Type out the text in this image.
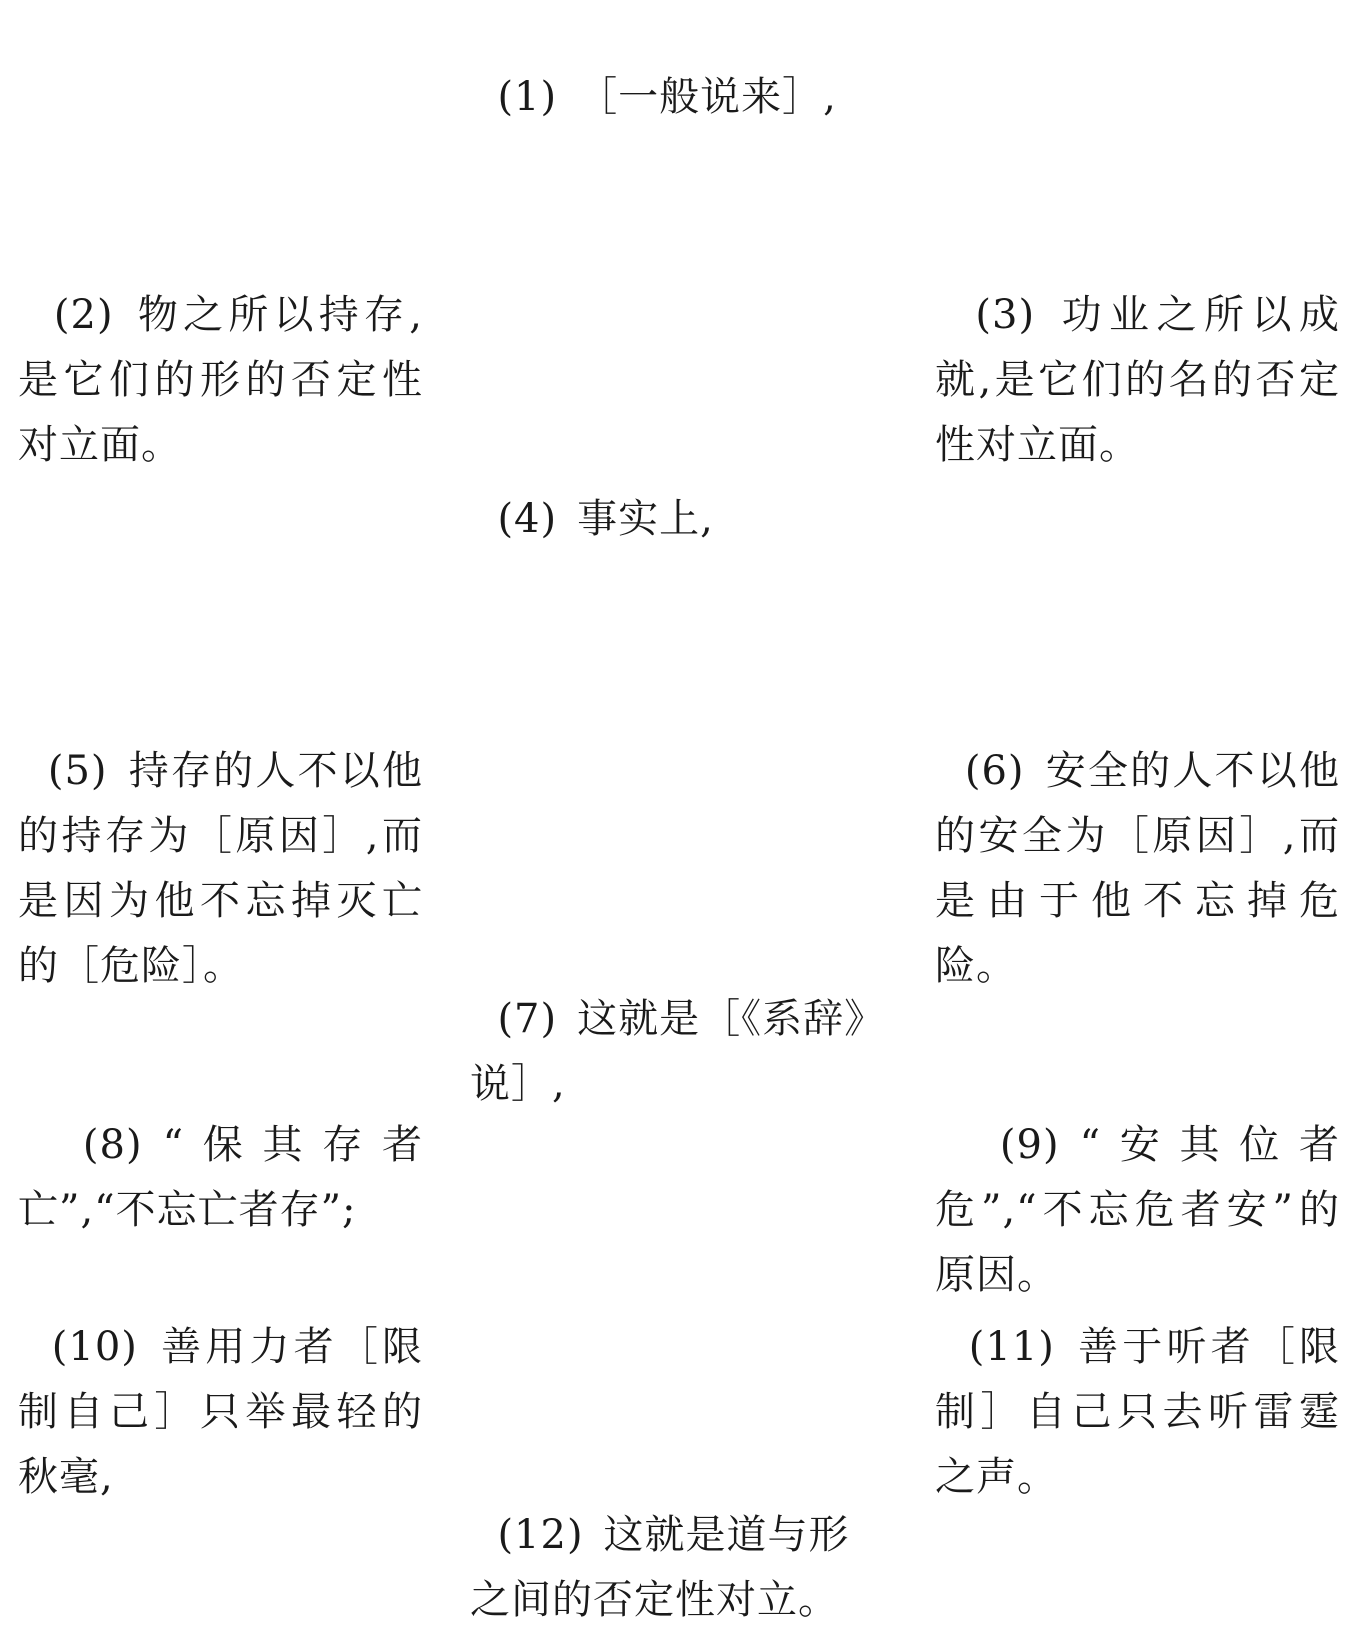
(1) ［一般说来］,

(2) 物之所以持存,是它们的形的否定性对立面。

(3) 功业之所以成就,是它们的名的否定性对立面。

(4) 事实上,

(5) 持存的人不以他的持存为［原因］,而是因为他不忘掉灭亡的［危险］。

(6) 安全的人不以他的安全为［原因］,而是由于他不忘掉危险。

(7) 这就是［《系辞》说］,

(8) “保其存者亡”,“不忘亡者存”;

(9) “安其位者危”,“不忘危者安”的原因。

(10) 善用力者［限制自己］只举最轻的秋毫,

(11) 善于听者［限制］自己只去听雷霆之声。

(12) 这就是道与形之间的否定性对立。
